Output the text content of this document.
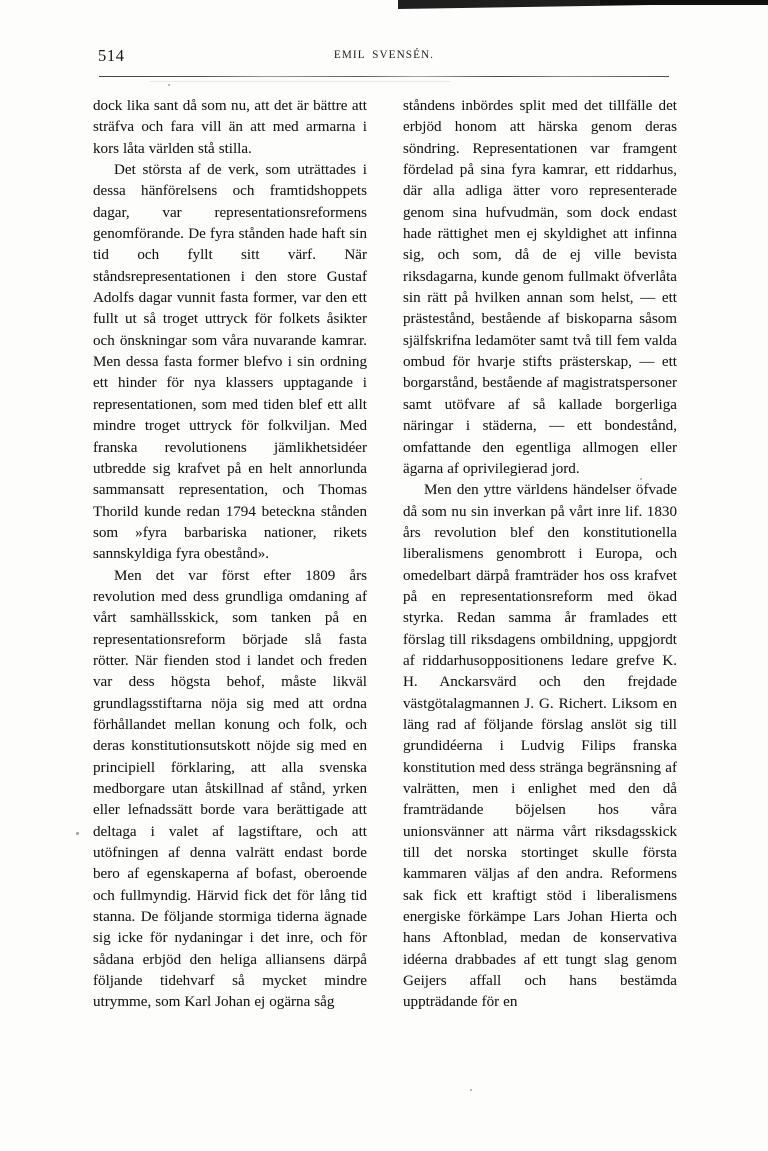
514	EMIL SVENSÉN.

dock lika sant då som nu, att det är bättre att sträfva och fara vill än att med armarna i kors låta världen stå stilla.

Det största af de verk, som uträttades i dessa hänförelsens och framtidshoppets dagar, var representationsreformens genomförande. De fyra stånden hade haft sin tid och fyllt sitt värf. När ståndsrepresentationen i den store Gustaf Adolfs dagar vunnit fasta former, var den ett fullt ut så troget uttryck för folkets åsikter och önskningar som våra nuvarande kamrar. Men dessa fasta former blefvo i sin ordning ett hinder för nya klassers upptagande i representationen, som med tiden blef ett allt mindre troget uttryck för folkviljan. Med franska revolutionens jämlikhetsidéer utbredde sig krafvet på en helt annorlunda sammansatt representation, och Thomas Thorild kunde redan 1794 beteckna stånden som »fyra barbariska nationer, rikets sannskyldiga fyra obestånd».

Men det var först efter 1809 års revolution med dess grundliga omdaning af vårt samhällsskick, som tanken på en representationsreform började slå fasta rötter. När fienden stod i landet och freden var dess högsta behof, måste likväl grundlagsstiftarna nöja sig med att ordna förhållandet mellan konung och folk, och deras konstitutionsutskott nöjde sig med en principiell förklaring, att alla svenska medborgare utan åtskillnad af stånd, yrken eller lefnadssätt borde vara berättigade att deltaga i valet af lagstiftare, och att utöfningen af denna valrätt endast borde bero af egenskaperna af bofast, oberoende och fullmyndig. Härvid fick det för lång tid stanna. De följande stormiga tiderna ägnade sig icke för nydaningar i det inre, och för sådana erbjöd den heliga alliansens därpå följande tidehvarf så mycket mindre utrymme, som Karl Johan ej ogärna såg

ståndens inbördes split med det tillfälle det erbjöd honom att härska genom deras söndring. Representationen var framgent fördelad på sina fyra kamrar, ett riddarhus, där alla adliga ätter voro representerade genom sina hufvudmän, som dock endast hade rättighet men ej skyldighet att infinna sig, och som, då de ej ville bevista riksdagarna, kunde genom fullmakt öfverlåta sin rätt på hvilken annan som helst, — ett prästestånd, bestående af biskoparna såsom själfskrifna ledamöter samt två till fem valda ombud för hvarje stifts prästerskap, — ett borgarstånd, bestående af magistratspersoner samt utöfvare af så kallade borgerliga näringar i städerna, — ett bondestånd, omfattande den egentliga allmogen eller ägarna af oprivilegierad jord.

Men den yttre världens händelser öfvade då som nu sin inverkan på vårt inre lif. 1830 års revolution blef den konstitutionella liberalismens genombrott i Europa, och omedelbart därpå framträder hos oss krafvet på en representationsreform med ökad styrka. Redan samma år framlades ett förslag till riksdagens ombildning, uppgjordt af riddarhusoppositionens ledare grefve K. H. Anckarsvärd och den frejdade västgötalagmannen J. G. Richert. Liksom en läng rad af följande förslag anslöt sig till grundidéerna i Ludvig Filips franska konstitution med dess stränga begränsning af valrätten, men i enlighet med den då framträdande böjelsen hos våra unionsvänner att närma vårt riksdagsskick till det norska stortinget skulle första kammaren väljas af den andra. Reformens sak fick ett kraftigt stöd i liberalismens energiske förkämpe Lars Johan Hierta och hans Aftonblad, medan de konservativa idéerna drabbades af ett tungt slag genom Geijers affall och hans bestämda uppträdande för en
